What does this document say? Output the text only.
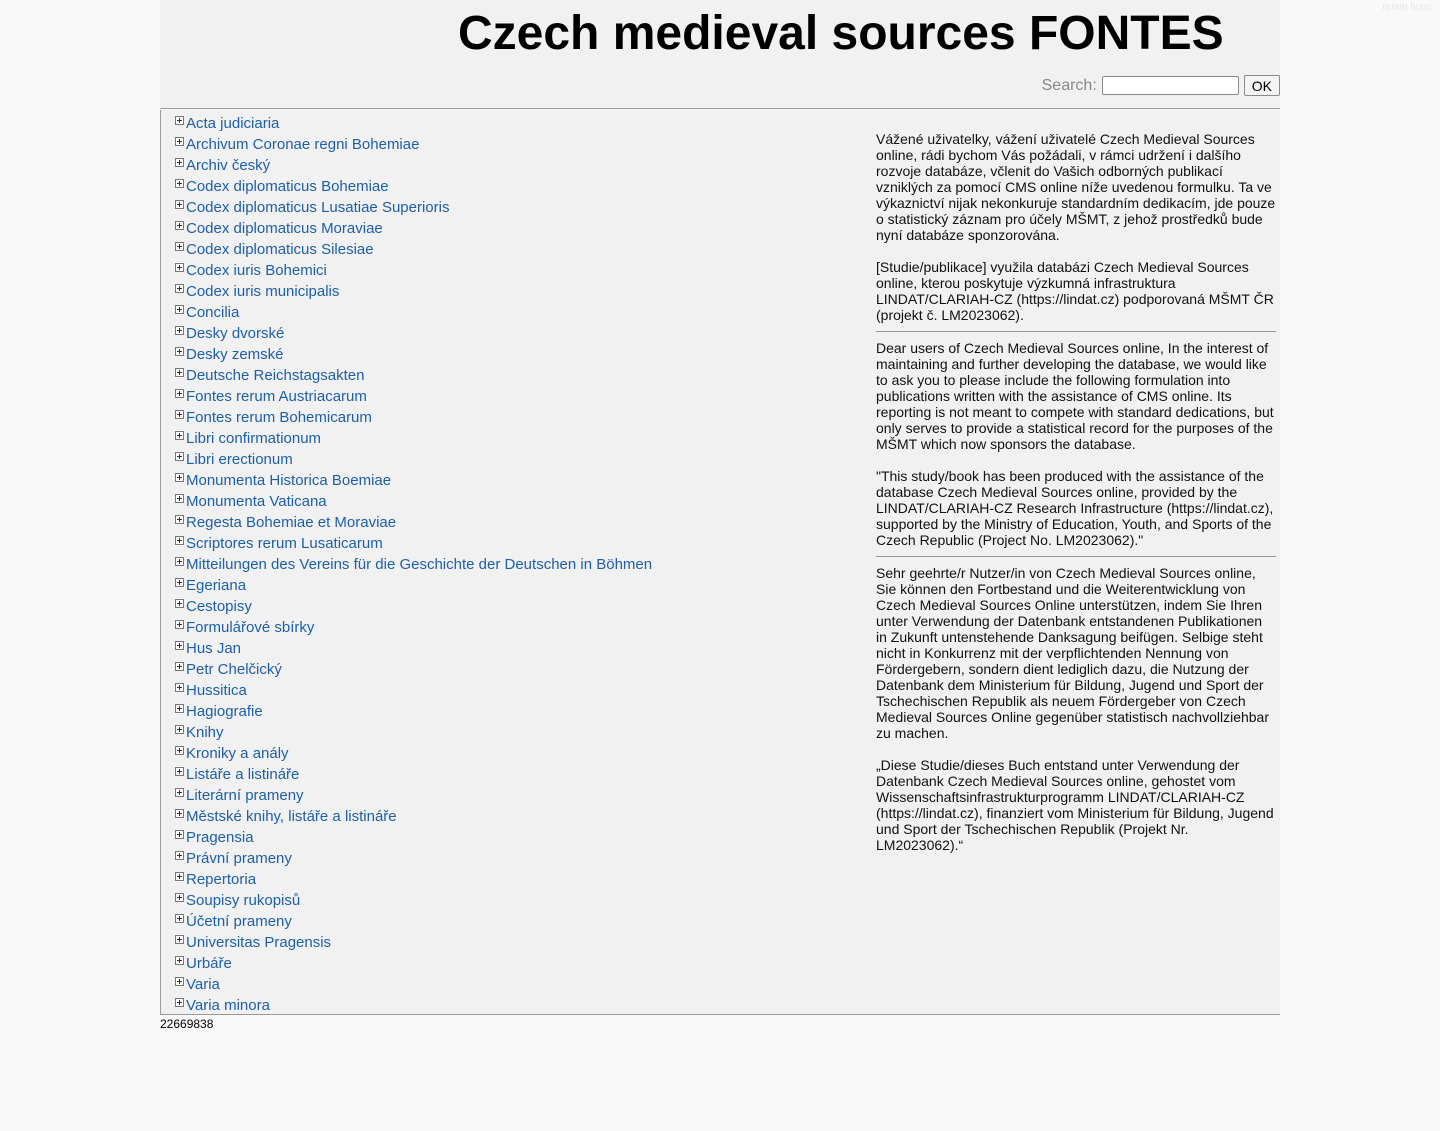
quam hunc
Czech medieval sources FONTES
Search:	OK
Acta judiciaria
Archivum Coronae regni Bohemiae
Archiv český
Codex diplomaticus Bohemiae
Codex diplomaticus Lusatiae Superioris
Codex diplomaticus Moraviae
Codex diplomaticus Silesiae
Codex iuris Bohemici
Codex iuris municipalis
Concilia
Desky dvorské
Desky zemské
Deutsche Reichstagsakten
Fontes rerum Austriacarum
Fontes rerum Bohemicarum
Libri confirmationum
Libri erectionum
Monumenta Historica Boemiae
Monumenta Vaticana
Regesta Bohemiae et Moraviae
Scriptores rerum Lusaticarum
Mitteilungen des Vereins für die Geschichte der Deutschen in Böhmen
Egeriana
Cestopisy
Formulářové sbírky
Hus Jan
Petr Chelčický
Hussitica
Hagiografie
Knihy
Kroniky a anály
Listáře a listináře
Literární prameny
Městské knihy, listáře a listináře
Pragensia
Právní prameny
Repertoria
Soupisy rukopisů
Účetní prameny
Universitas Pragensis
Urbáře
Varia
Varia minora

Vážené uživatelky, vážení uživatelé Czech Medieval Sources online, rádi bychom Vás požádali, v rámci udržení i dalšího rozvoje databáze, včlenit do Vašich odborných publikací vzniklých za pomocí CMS online níže uvedenou formulku. Ta ve výkaznictví nijak nekonkuruje standardním dedikacím, jde pouze o statistický záznam pro účely MŠMT, z jehož prostředků bude nyní databáze sponzorována.

[Studie/publikace] využila databázi Czech Medieval Sources online, kterou poskytuje výzkumná infrastruktura LINDAT/CLARIAH-CZ (https://lindat.cz) podporovaná MŠMT ČR (projekt č. LM2023062).

Dear users of Czech Medieval Sources online, In the interest of maintaining and further developing the database, we would like to ask you to please include the following formulation into publications written with the assistance of CMS online. Its reporting is not meant to compete with standard dedications, but only serves to provide a statistical record for the purposes of the MŠMT which now sponsors the database.

"This study/book has been produced with the assistance of the database Czech Medieval Sources online, provided by the LINDAT/CLARIAH-CZ Research Infrastructure (https://lindat.cz), supported by the Ministry of Education, Youth, and Sports of the Czech Republic (Project No. LM2023062)."

Sehr geehrte/r Nutzer/in von Czech Medieval Sources online, Sie können den Fortbestand und die Weiterentwicklung von Czech Medieval Sources Online unterstützen, indem Sie Ihren unter Verwendung der Datenbank entstandenen Publikationen in Zukunft untenstehende Danksagung beifügen. Selbige steht nicht in Konkurrenz mit der verpflichtenden Nennung von Fördergebern, sondern dient lediglich dazu, die Nutzung der Datenbank dem Ministerium für Bildung, Jugend und Sport der Tschechischen Republik als neuem Fördergeber von Czech Medieval Sources Online gegenüber statistisch nachvollziehbar zu machen.

„Diese Studie/dieses Buch entstand unter Verwendung der Datenbank Czech Medieval Sources online, gehostet vom Wissenschaftsinfrastrukturprogramm LINDAT/CLARIAH-CZ (https://lindat.cz), finanziert vom Ministerium für Bildung, Jugend und Sport der Tschechischen Republik (Projekt Nr. LM2023062).“

22669838
